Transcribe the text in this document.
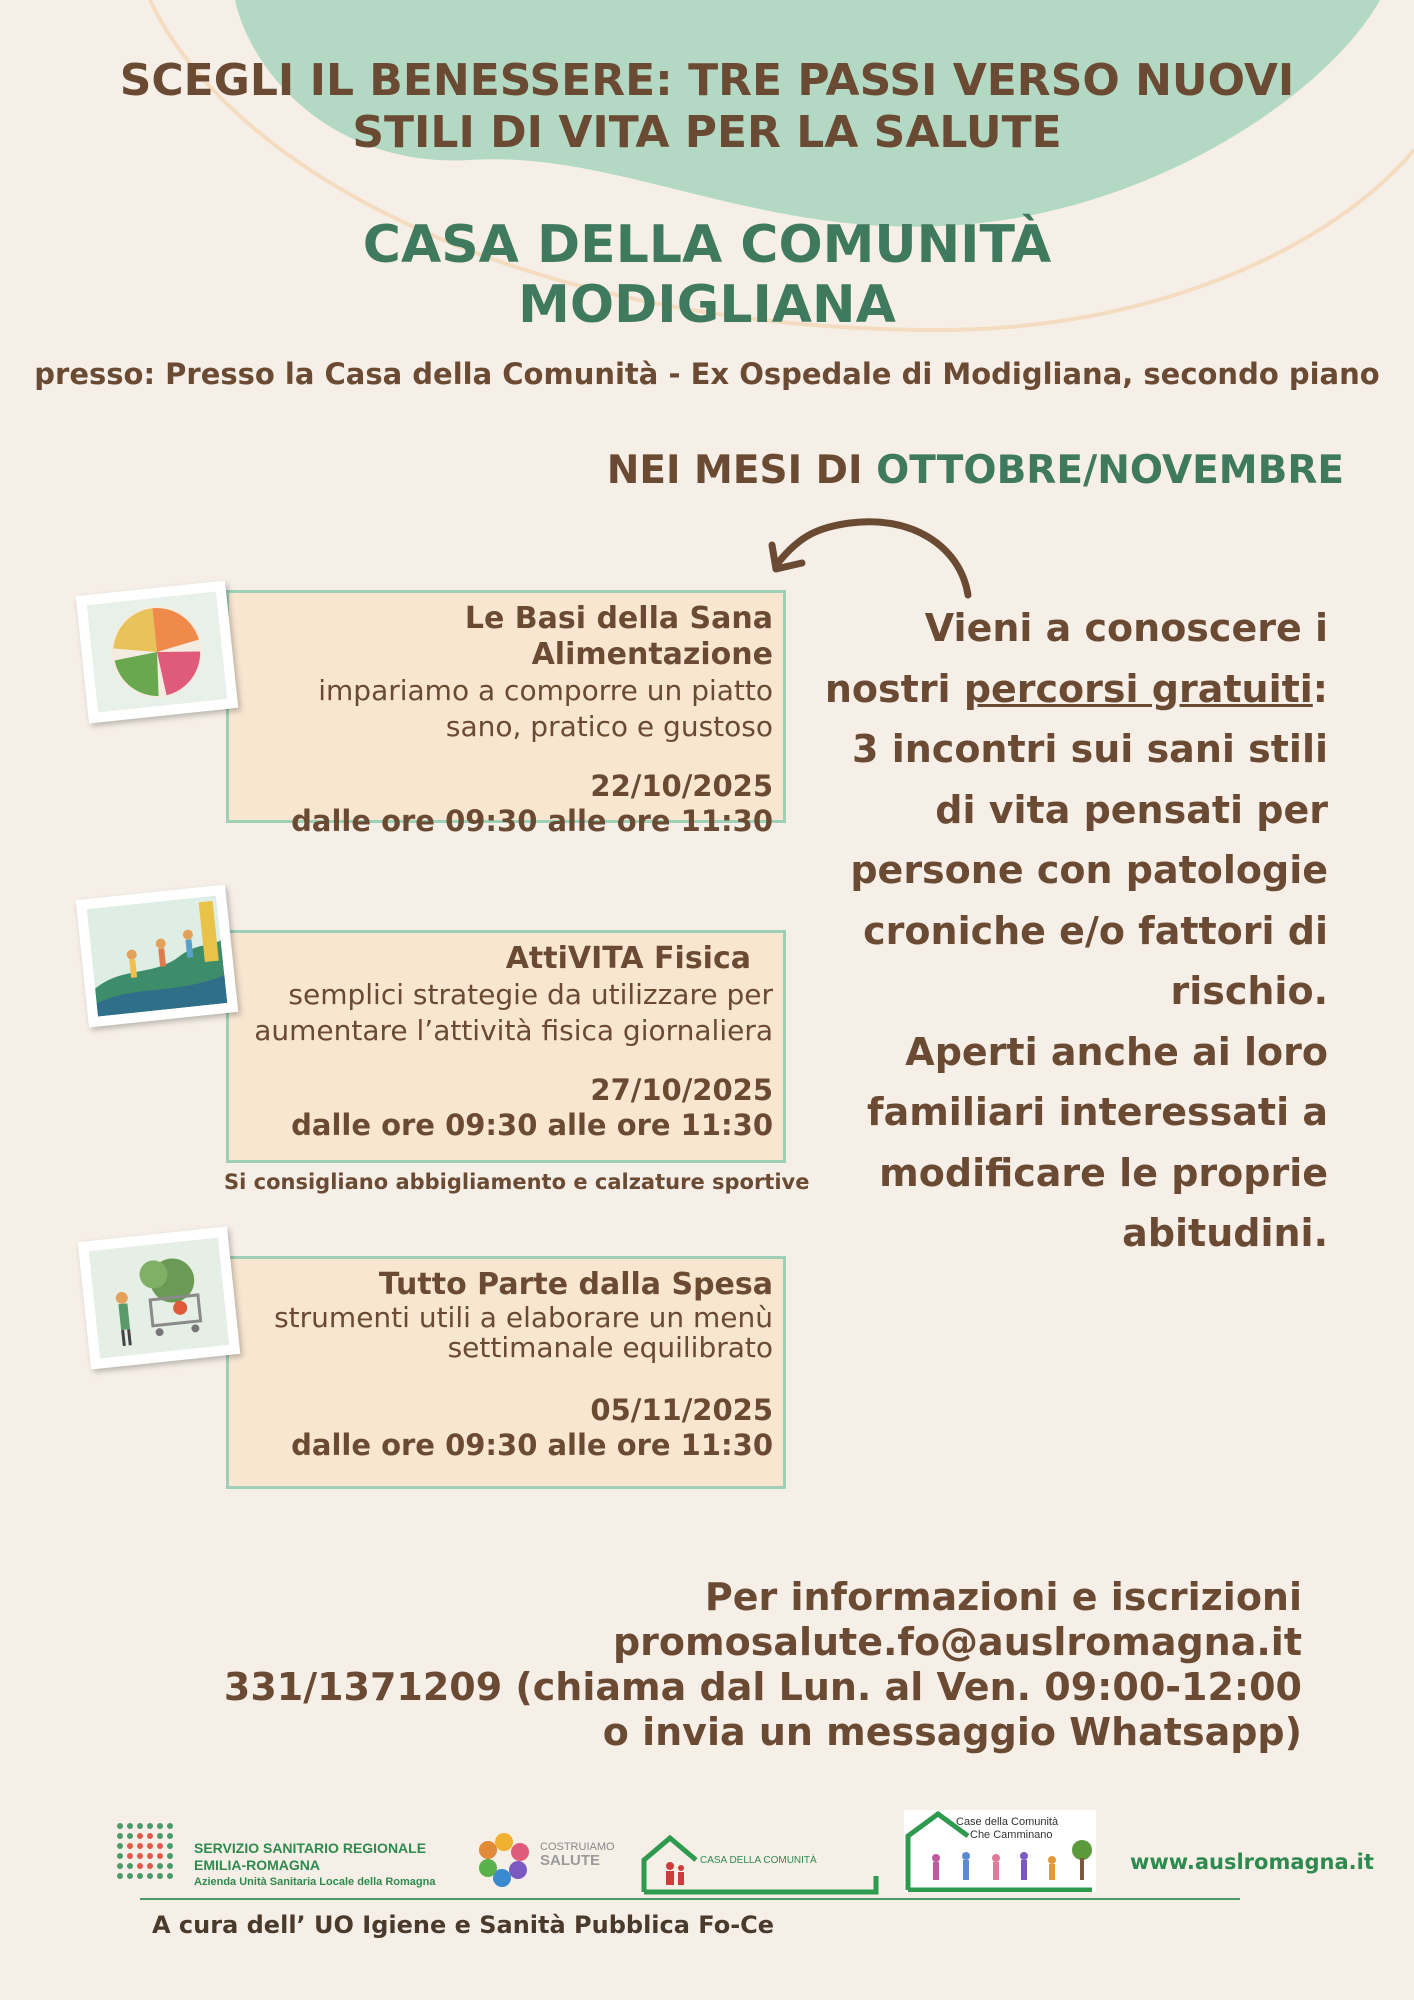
SCEGLI IL BENESSERE: TRE PASSI VERSO NUOVI
STILI DI VITA PER LA SALUTE
CASA DELLA COMUNITÀ
MODIGLIANA
presso: Presso la Casa della Comunità - Ex Ospedale di Modigliana, secondo piano
NEI MESI DI OTTOBRE/NOVEMBRE
Le Basi della Sana Alimentazione
impariamo a comporre un piatto
sano, pratico e gustoso
22/10/2025
dalle ore 09:30 alle ore 11:30
AttiVITA Fisica
semplici strategie da utilizzare per
aumentare l’attività fisica giornaliera
27/10/2025
dalle ore 09:30 alle ore 11:30
Si consigliano abbigliamento e calzature sportive
Tutto Parte dalla Spesa
strumenti utili a elaborare un menù
settimanale equilibrato
05/11/2025
dalle ore 09:30 alle ore 11:30
Vieni a conoscere i
nostri percorsi gratuiti:
3 incontri sui sani stili
di vita pensati per
persone con patologie
croniche e/o fattori di
rischio.
Aperti anche ai loro
familiari interessati a
modificare le proprie
abitudini.
Per informazioni e iscrizioni
promosalute.fo@auslromagna.it
331/1371209 (chiama dal Lun. al Ven. 09:00-12:00
o invia un messaggio Whatsapp)
SERVIZIO SANITARIO REGIONALE
EMILIA-ROMAGNA
Azienda Unità Sanitaria Locale della Romagna
COSTRUIAMO
SALUTE	CASA DELLA COMUNITÀ
Case della Comunità
Che Camminano
www.auslromagna.it
A cura dell’ UO Igiene e Sanità Pubblica Fo-Ce
